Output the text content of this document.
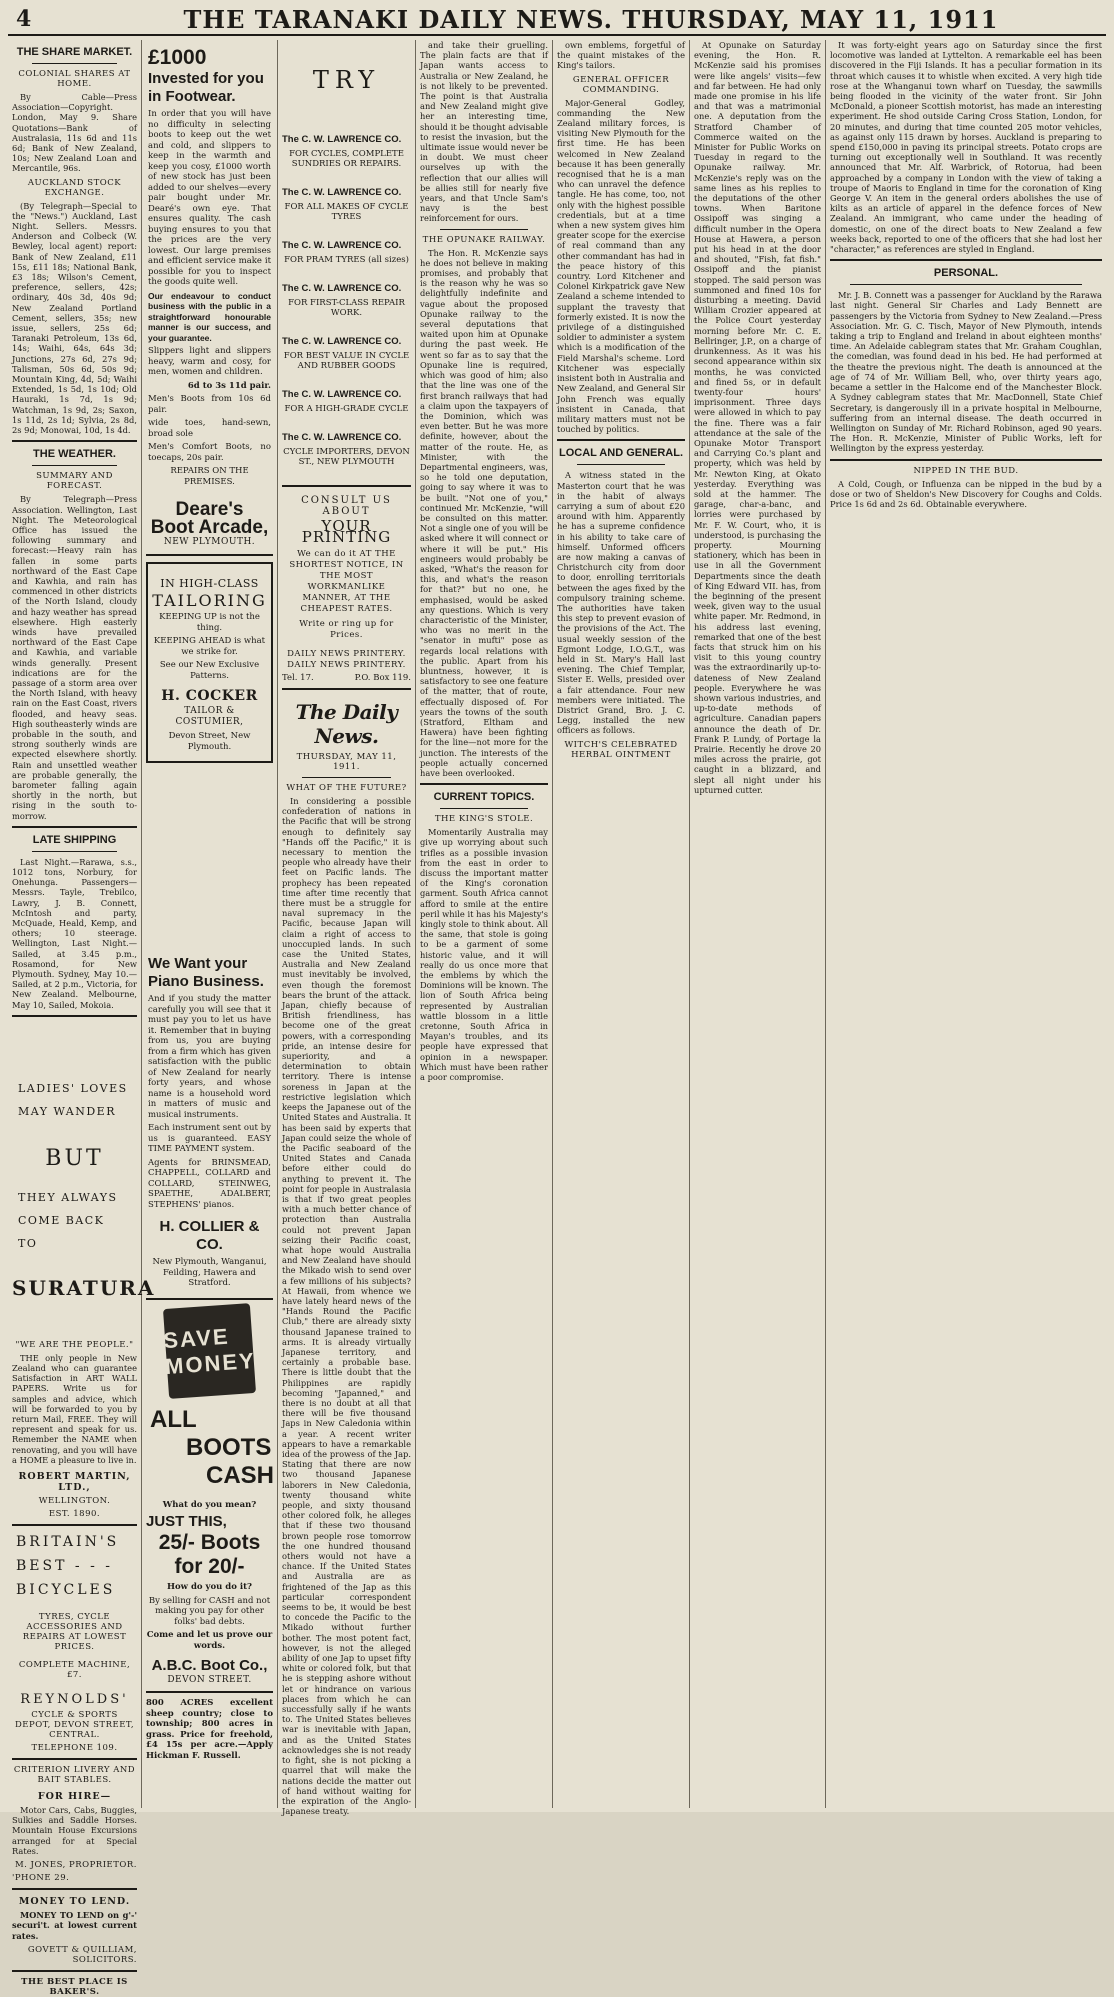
4	THE TARANAKI DAILY NEWS. THURSDAY, MAY 11, 1911
THE SHARE MARKET.
COLONIAL SHARES AT HOME.

By Cable—Press Association—Copyright. London, May 9. Share Quotations—Bank of Australasia, 11s 6d and 11s 6d; Bank of New Zealand, 10s; New Zealand Loan and Mercantile, 96s.

AUCKLAND STOCK EXCHANGE.

(By Telegraph—Special to the "News.") Auckland, Last Night. Sellers. Messrs. Anderson and Colbeck (W. Bewley, local agent) report: Bank of New Zealand, £11 15s, £11 18s; National Bank, £3 18s; Wilson's Cement, preference, sellers, 42s; ordinary, 40s 3d, 40s 9d; New Zealand Portland Cement, sellers, 35s; new issue, sellers, 25s 6d; Taranaki Petroleum, 13s 6d, 14s; Waihi, 64s, 64s 3d; Junctions, 27s 6d, 27s 9d; Talisman, 50s 6d, 50s 9d; Mountain King, 4d, 5d; Waihi Extended, 1s 5d, 1s 10d; Old Hauraki, 1s 7d, 1s 9d; Watchman, 1s 9d, 2s; Saxon, 1s 11d, 2s 1d; Sylvia, 2s 8d, 2s 9d; Monowai, 10d, 1s 4d.

THE WEATHER.
SUMMARY AND FORECAST.

By Telegraph—Press Association. Wellington, Last Night. The Meteorological Office has issued the following summary and forecast:—Heavy rain has fallen in some parts northward of the East Cape and Kawhia, and rain has commenced in other districts of the North Island, cloudy and hazy weather has spread elsewhere. High easterly winds have prevailed northward of the East Cape and Kawhia, and variable winds generally. Present indications are for the passage of a storm area over the North Island, with heavy rain on the East Coast, rivers flooded, and heavy seas. High southeasterly winds are probable in the south, and strong southerly winds are expected elsewhere shortly. Rain and unsettled weather are probable generally, the barometer falling again shortly in the north, but rising in the south to-morrow.

LATE SHIPPING

Last Night.—Rarawa, s.s., 1012 tons, Norbury, for Onehunga. Passengers—Messrs. Tayle, Trebilco, Lawry, J. B. Connett, McIntosh and party, McQuade, Heald, Kemp, and others; 10 steerage. Wellington, Last Night.—Sailed, at 3.45 p.m., Rosamond, for New Plymouth. Sydney, May 10.—Sailed, at 2 p.m., Victoria, for New Zealand. Melbourne, May 10, Sailed, Mokoia.

LADIES' LOVES
MAY WANDER
BUT
THEY ALWAYS
COME BACK
TO
SURATURA
"WE ARE THE PEOPLE."

THE only people in New Zealand who can guarantee Satisfaction in ART WALL PAPERS. Write us for samples and advice, which will be forwarded to you by return Mail, FREE. They will represent and speak for us. Remember the NAME when renovating, and you will have a HOME a pleasure to live in.

ROBERT MARTIN, LTD.,
WELLINGTON.
EST. 1890.
BRITAIN'S
BEST - - -
BICYCLES
TYRES, CYCLE ACCESSORIES AND REPAIRS AT LOWEST PRICES.
COMPLETE MACHINE, £7.
REYNOLDS'
CYCLE & SPORTS DEPOT, DEVON STREET, CENTRAL.
TELEPHONE 109.
CRITERION LIVERY AND BAIT STABLES.
FOR HIRE—

Motor Cars, Cabs, Buggies, Sulkies and Saddle Horses. Mountain House Excursions arranged for at Special Rates.

M. JONES, PROPRIETOR.
'PHONE 29.
MONEY TO LEND.

MONEY TO LEND on g'-' securi't. at lowest current rates.

GOVETT & QUILLIAM, SOLICITORS.
THE BEST PLACE IS BAKER'S.
£1000
Invested for you in Footwear.

In order that you will have no difficulty in selecting boots to keep out the wet and cold, and slippers to keep in the warmth and keep you cosy, £1000 worth of new stock has just been added to our shelves—every pair bought under Mr. Dearé's own eye. That ensures quality. The cash buying ensures to you that the prices are the very lowest. Our large premises and efficient service make it possible for you to inspect the goods quite well.

Our endeavour to conduct business with the public in a straightforward honourable manner is our success, and your guarantee.

Slippers light and slippers heavy, warm and cosy, for men, women and children.

6d to 3s 11d pair.
Men's Boots from 10s 6d pair.
wide toes, hand-sewn, broad sole
Men's Comfort Boots, no toecaps, 20s pair.
REPAIRS ON THE PREMISES.
Deare's
Boot Arcade,
NEW PLYMOUTH.
IN HIGH-CLASS
TAILORING
KEEPING UP is not the thing.
KEEPING AHEAD is what we strike for.
See our New Exclusive Patterns.
H. COCKER
TAILOR & COSTUMIER,
Devon Street, New Plymouth.
We Want your Piano Business.

And if you study the matter carefully you will see that it must pay you to let us have it. Remember that in buying from us, you are buying from a firm which has given satisfaction with the public of New Zealand for nearly forty years, and whose name is a household word in matters of music and musical instruments.

Each instrument sent out by us is guaranteed. EASY TIME PAYMENT system.

Agents for BRINSMEAD, CHAPPELL, COLLARD and COLLARD, STEINWEG, SPAETHE, ADALBERT, STEPHENS' pianos.

H. COLLIER & CO.
New Plymouth, Wanganui, Feilding, Hawera and Stratford.
SAVE MONEY
ALL
BOOTS
CASH
What do you mean?
JUST THIS,
25/- Boots for 20/-
How do you do it?
By selling for CASH and not making you pay for other folks' bad debts.
Come and let us prove our words.
A.B.C. Boot Co.,
DEVON STREET.

800 ACRES excellent sheep country; close to township; 800 acres in grass. Price for freehold, £4 15s per acre.—Apply Hickman F. Russell.

TRY
The C. W. LAWRENCE CO.
FOR CYCLES, COMPLETE SUNDRIES OR REPAIRS.
The C. W. LAWRENCE CO.
FOR ALL MAKES OF CYCLE TYRES
The C. W. LAWRENCE CO.
FOR PRAM TYRES (all sizes)
The C. W. LAWRENCE CO.
FOR FIRST-CLASS REPAIR WORK.
The C. W. LAWRENCE CO.
FOR BEST VALUE IN CYCLE AND RUBBER GOODS
The C. W. LAWRENCE CO.
FOR A HIGH-GRADE CYCLE
The C. W. LAWRENCE CO.
CYCLE IMPORTERS, DEVON ST., NEW PLYMOUTH
CONSULT US ABOUT
YOUR PRINTING
We can do it AT THE SHORTEST NOTICE, IN THE MOST WORKMANLIKE MANNER, AT THE CHEAPEST RATES.
Write or ring up for Prices.
DAILY NEWS PRINTERY. DAILY NEWS PRINTERY.
Tel. 17.	P.O. Box 119.
The Daily News.
THURSDAY, MAY 11, 1911.
WHAT OF THE FUTURE?

In considering a possible confederation of nations in the Pacific that will be strong enough to definitely say "Hands off the Pacific," it is necessary to mention the people who already have their feet on Pacific lands. The prophecy has been repeated time after time recently that there must be a struggle for naval supremacy in the Pacific, because Japan will claim a right of access to unoccupied lands. In such case the United States, Australia and New Zealand must inevitably be involved, even though the foremost bears the brunt of the attack. Japan, chiefly because of British friendliness, has become one of the great powers, with a corresponding pride, an intense desire for superiority, and a determination to obtain territory. There is intense soreness in Japan at the restrictive legislation which keeps the Japanese out of the United States and Australia. It has been said by experts that Japan could seize the whole of the Pacific seaboard of the United States and Canada before either could do anything to prevent it. The point for people in Australasia is that if two great peoples with a much better chance of protection than Australia could not prevent Japan seizing their Pacific coast, what hope would Australia and New Zealand have should the Mikado wish to send over a few millions of his subjects? At Hawaii, from whence we have lately heard news of the "Hands Round the Pacific Club," there are already sixty thousand Japanese trained to arms. It is already virtually Japanese territory, and certainly a probable base. There is little doubt that the Philippines are rapidly becoming "Japanned," and there is no doubt at all that there will be five thousand Japs in New Caledonia within a year. A recent writer appears to have a remarkable idea of the prowess of the Jap. Stating that there are now two thousand Japanese laborers in New Caledonia, twenty thousand white people, and sixty thousand other colored folk, he alleges that if these two thousand brown people rose tomorrow the one hundred thousand others would not have a chance. If the United States and Australia are as frightened of the Jap as this particular correspondent seems to be, it would be best to concede the Pacific to the Mikado without further bother. The most potent fact, however, is not the alleged ability of one Jap to upset fifty white or colored folk, but that he is stepping ashore without let or hindrance on various places from which he can successfully sally if he wants to. The United States believes war is inevitable with Japan, and as the United States acknowledges she is not ready to fight, she is not picking a quarrel that will make the nations decide the matter out of hand without waiting for the expiration of the Anglo-Japanese treaty.

and take their gruelling. The plain facts are that if Japan wants access to Australia or New Zealand, he is not likely to be prevented. The point is that Australia and New Zealand might give her an interesting time, should it be thought advisable to resist the invasion, but the ultimate issue would never be in doubt. We must cheer ourselves up with the reflection that our allies will be allies still for nearly five years, and that Uncle Sam's navy is the best reinforcement for ours.

THE OPUNAKE RAILWAY.

The Hon. R. McKenzie says he does not believe in making promises, and probably that is the reason why he was so delightfully indefinite and vague about the proposed Opunake railway to the several deputations that waited upon him at Opunake during the past week. He went so far as to say that the Opunake line is required, which was good of him; also that the line was one of the first branch railways that had a claim upon the taxpayers of the Dominion, which was even better. But he was more definite, however, about the matter of the route. He, as Minister, with the Departmental engineers, was, so he told one deputation, going to say where it was to be built. "Not one of you," continued Mr. McKenzie, "will be consulted on this matter. Not a single one of you will be asked where it will connect or where it will be put." His engineers would probably be asked, "What's the reason for this, and what's the reason for that?" but no one, he emphasised, would be asked any questions. Which is very characteristic of the Minister, who was no merit in the "senator in mufti" pose as regards local relations with the public. Apart from his bluntness, however, it is satisfactory to see one feature of the matter, that of route, effectually disposed of. For years the towns of the south (Stratford, Eltham and Hawera) have been fighting for the line—not more for the junction. The interests of the people actually concerned have been overlooked.

CURRENT TOPICS.
THE KING'S STOLE.

Momentarily Australia may give up worrying about such trifles as a possible invasion from the east in order to discuss the important matter of the King's coronation garment. South Africa cannot afford to smile at the entire peril while it has his Majesty's kingly stole to think about. All the same, that stole is going to be a garment of some historic value, and it will really do us once more that the emblems by which the Dominions will be known. The lion of South Africa being represented by Australian wattle blossom in a little cretonne, South Africa in Mayan's troubles, and its people have expressed that opinion in a newspaper. Which must have been rather a poor compromise.

own emblems, forgetful of the quaint mistakes of the King's tailors.

GENERAL OFFICER COMMANDING.

Major-General Godley, commanding the New Zealand military forces, is visiting New Plymouth for the first time. He has been welcomed in New Zealand because it has been generally recognised that he is a man who can unravel the defence tangle. He has come, too, not only with the highest possible credentials, but at a time when a new system gives him greater scope for the exercise of real command than any other commandant has had in the peace history of this country. Lord Kitchener and Colonel Kirkpatrick gave New Zealand a scheme intended to supplant the travesty that formerly existed. It is now the privilege of a distinguished soldier to administer a system which is a modification of the Field Marshal's scheme. Lord Kitchener was especially insistent both in Australia and New Zealand, and General Sir John French was equally insistent in Canada, that military matters must not be touched by politics.

LOCAL AND GENERAL.

A witness stated in the Masterton court that he was in the habit of always carrying a sum of about £20 around with him. Apparently he has a supreme confidence in his ability to take care of himself. Unformed officers are now making a canvas of Christchurch city from door to door, enrolling territorials between the ages fixed by the compulsory training scheme. The authorities have taken this step to prevent evasion of the provisions of the Act. The usual weekly session of the Egmont Lodge, I.O.G.T., was held in St. Mary's Hall last evening. The Chief Templar, Sister E. Wells, presided over a fair attendance. Four new members were initiated. The District Grand, Bro. J. C. Legg, installed the new officers as follows.

WITCH'S CELEBRATED HERBAL OINTMENT

At Opunake on Saturday evening, the Hon. R. McKenzie said his promises were like angels' visits—few and far between. He had only made one promise in his life and that was a matrimonial one. A deputation from the Stratford Chamber of Commerce waited on the Minister for Public Works on Tuesday in regard to the Opunake railway. Mr. McKenzie's reply was on the same lines as his replies to the deputations of the other towns. When Baritone Ossipoff was singing a difficult number in the Opera House at Hawera, a person put his head in at the door and shouted, "Fish, fat fish." Ossipoff and the pianist stopped. The said person was summoned and fined 10s for disturbing a meeting. David William Crozier appeared at the Police Court yesterday morning before Mr. C. E. Bellringer, J.P., on a charge of drunkenness. As it was his second appearance within six months, he was convicted and fined 5s, or in default twenty-four hours' imprisonment. Three days were allowed in which to pay the fine. There was a fair attendance at the sale of the Opunake Motor Transport and Carrying Co.'s plant and property, which was held by Mr. Newton King, at Okato yesterday. Everything was sold at the hammer. The garage, char-a-banc, and lorries were purchased by Mr. F. W. Court, who, it is understood, is purchasing the property. Mourning stationery, which has been in use in all the Government Departments since the death of King Edward VII. has, from the beginning of the present week, given way to the usual white paper. Mr. Redmond, in his address last evening, remarked that one of the best facts that struck him on his visit to this young country was the extraordinarily up-to-dateness of New Zealand people. Everywhere he was shown various industries, and up-to-date methods of agriculture. Canadian papers announce the death of Dr. Frank P. Lundy, of Portage la Prairie. Recently he drove 20 miles across the prairie, got caught in a blizzard, and slept all night under his upturned cutter.

It was forty-eight years ago on Saturday since the first locomotive was landed at Lyttelton. A remarkable eel has been discovered in the Fiji Islands. It has a peculiar formation in its throat which causes it to whistle when excited. A very high tide rose at the Whanganui town wharf on Tuesday, the sawmills being flooded in the vicinity of the water front. Sir John McDonald, a pioneer Scottish motorist, has made an interesting experiment. He shod outside Caring Cross Station, London, for 20 minutes, and during that time counted 205 motor vehicles, as against only 115 drawn by horses. Auckland is preparing to spend £150,000 in paving its principal streets. Potato crops are turning out exceptionally well in Southland. It was recently announced that Mr. Alf. Warbrick, of Rotorua, had been approached by a company in London with the view of taking a troupe of Maoris to England in time for the coronation of King George V. An item in the general orders abolishes the use of kilts as an article of apparel in the defence forces of New Zealand. An immigrant, who came under the heading of domestic, on one of the direct boats to New Zealand a few weeks back, reported to one of the officers that she had lost her "character," as references are styled in England.

PERSONAL.

Mr. J. B. Connett was a passenger for Auckland by the Rarawa last night. General Sir Charles and Lady Bennett are passengers by the Victoria from Sydney to New Zealand.—Press Association. Mr. G. C. Tisch, Mayor of New Plymouth, intends taking a trip to England and Ireland in about eighteen months' time. An Adelaide cablegram states that Mr. Graham Coughlan, the comedian, was found dead in his bed. He had performed at the theatre the previous night. The death is announced at the age of 74 of Mr. William Bell, who, over thirty years ago, became a settler in the Halcome end of the Manchester Block. A Sydney cablegram states that Mr. MacDonnell, State Chief Secretary, is dangerously ill in a private hospital in Melbourne, suffering from an internal disease. The death occurred in Wellington on Sunday of Mr. Richard Robinson, aged 90 years. The Hon. R. McKenzie, Minister of Public Works, left for Wellington by the express yesterday.

NIPPED IN THE BUD.

A Cold, Cough, or Influenza can be nipped in the bud by a dose or two of Sheldon's New Discovery for Coughs and Colds. Price 1s 6d and 2s 6d. Obtainable everywhere.
